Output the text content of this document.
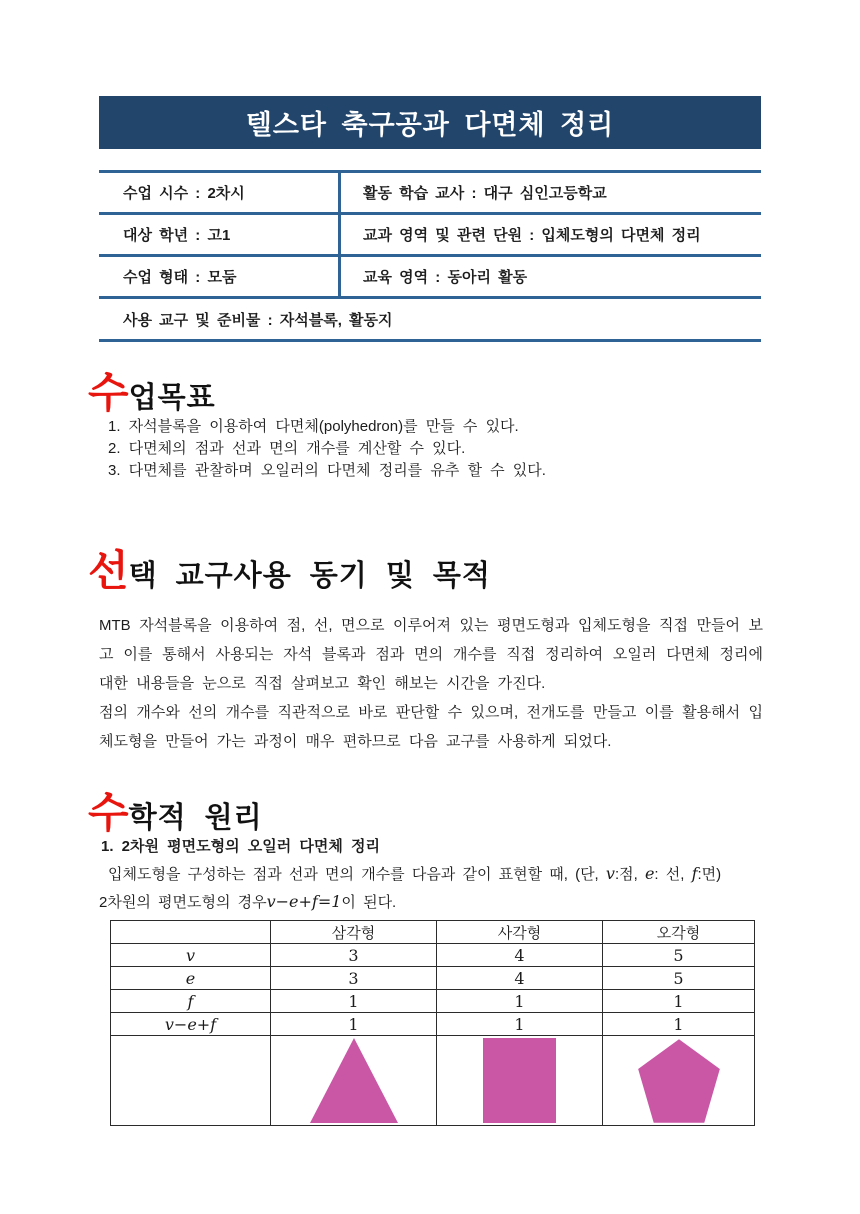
텔스타 축구공과 다면체 정리
수업 시수 : 2차시	활동 학습 교사 : 대구 심인고등학교
대상 학년 : 고1	교과 영역 및 관련 단원 : 입체도형의 다면체 정리
수업 형태 : 모둠	교육 영역 : 동아리 활동
사용 교구 및 준비물 : 자석블록, 활동지
수업목표
1. 자석블록을 이용하여 다면체(polyhedron)를 만들 수 있다.
2. 다면체의 점과 선과 면의 개수를 계산할 수 있다.
3. 다면체를 관찰하며 오일러의 다면체 정리를 유추 할 수 있다.
선택 교구사용 동기 및 목적

MTB 자석블록을 이용하여 점, 선, 면으로 이루어져 있는 평면도형과 입체도형을 직접 만들어 보고 이를 통해서 사용되는 자석 블록과 점과 면의 개수를 직접 정리하여 오일러 다면체 정리에 대한 내용들을 눈으로 직접 살펴보고 확인 해보는 시간을 가진다.

점의 개수와 선의 개수를 직관적으로 바로 판단할 수 있으며, 전개도를 만들고 이를 활용해서 입체도형을 만들어 가는 과정이 매우 편하므로 다음 교구를 사용하게 되었다.

수학적 원리
1. 2차원 평면도형의 오일러 다면체 정리
입체도형을 구성하는 점과 선과 면의 개수를 다음과 같이 표현할 때, (단, v:점, e: 선, f:면)
2차원의 평면도형의 경우v−e+f=1이 된다.
	삼각형	사각형	오각형
v	3	4	5
e	3	4	5
f	1	1	1
v−e+f	1	1	1
